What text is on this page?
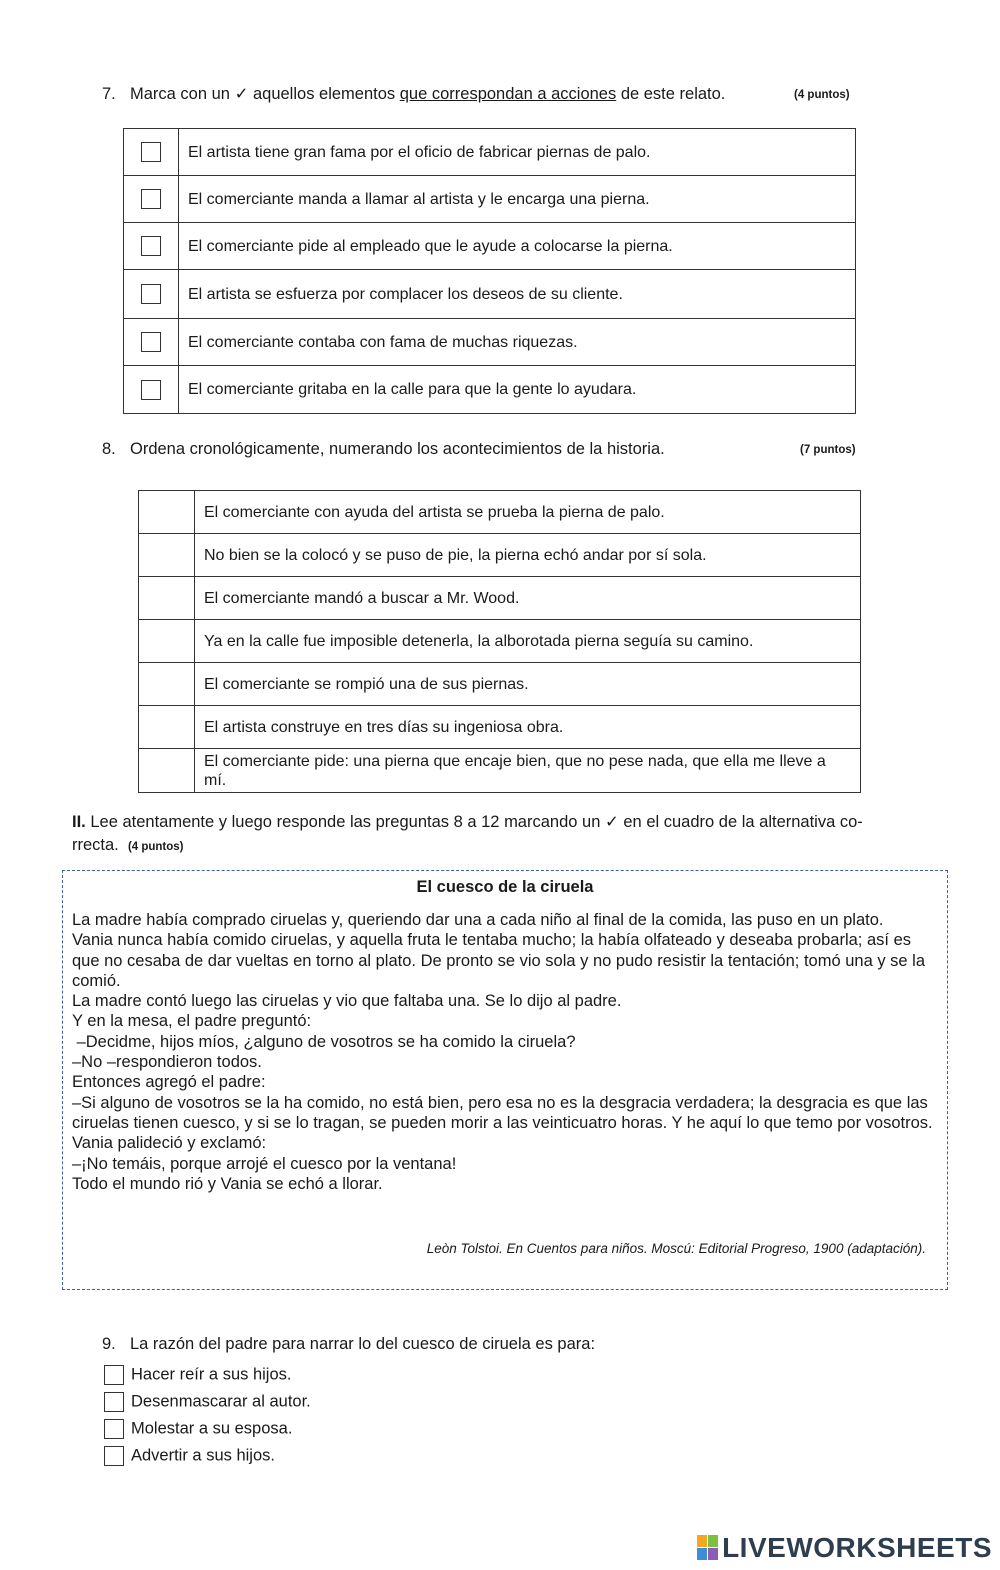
7. Marca con un ✓ aquellos elementos que correspondan a acciones de este relato.	(4 puntos)
	El artista tiene gran fama por el oficio de fabricar piernas de palo.
	El comerciante manda a llamar al artista y le encarga una pierna.
	El comerciante pide al empleado que le ayude a colocarse la pierna.
	El artista se esfuerza por complacer los deseos de su cliente.
	El comerciante contaba con fama de muchas riquezas.
	El comerciante gritaba en la calle para que la gente lo ayudara.
8. Ordena cronológicamente, numerando los acontecimientos de la historia.	(7 puntos)
	El comerciante con ayuda del artista se prueba la pierna de palo.
	No bien se la colocó y se puso de pie, la pierna echó andar por sí sola.
	El comerciante mandó a buscar a Mr. Wood.
	Ya en la calle fue imposible detenerla, la alborotada pierna seguía su camino.
	El comerciante se rompió una de sus piernas.
	El artista construye en tres días su ingeniosa obra.
	El comerciante pide: una pierna que encaje bien, que no pese nada, que ella me lleve a mí.
II. Lee atentamente y luego responde las preguntas 8 a 12 marcando un ✓ en el cuadro de la alternativa co-rrecta. (4 puntos)
El cuesco de la ciruela

La madre había comprado ciruelas y, queriendo dar una a cada niño al final de la comida, las puso en un plato.

Vania nunca había comido ciruelas, y aquella fruta le tentaba mucho; la había olfateado y deseaba probarla; así es que no cesaba de dar vueltas en torno al plato. De pronto se vio sola y no pudo resistir la tentación; tomó una y se la comió.

La madre contó luego las ciruelas y vio que faltaba una. Se lo dijo al padre.

Y en la mesa, el padre preguntó:

–Decidme, hijos míos, ¿alguno de vosotros se ha comido la ciruela?

–No –respondieron todos.

Entonces agregó el padre:

–Si alguno de vosotros se la ha comido, no está bien, pero esa no es la desgracia verdadera; la desgracia es que las ciruelas tienen cuesco, y si se lo tragan, se pueden morir a las veinticuatro horas. Y he aquí lo que temo por vosotros.

Vania palideció y exclamó:

–¡No temáis, porque arrojé el cuesco por la ventana!

Todo el mundo rió y Vania se echó a llorar.

Leòn Tolstoi. En Cuentos para niños. Moscú: Editorial Progreso, 1900 (adaptación).
9. La razón del padre para narrar lo del cuesco de ciruela es para:
Hacer reír a sus hijos.
Desenmascarar al autor.
Molestar a su esposa.
Advertir a sus hijos.
LIVEWORKSHEETS
